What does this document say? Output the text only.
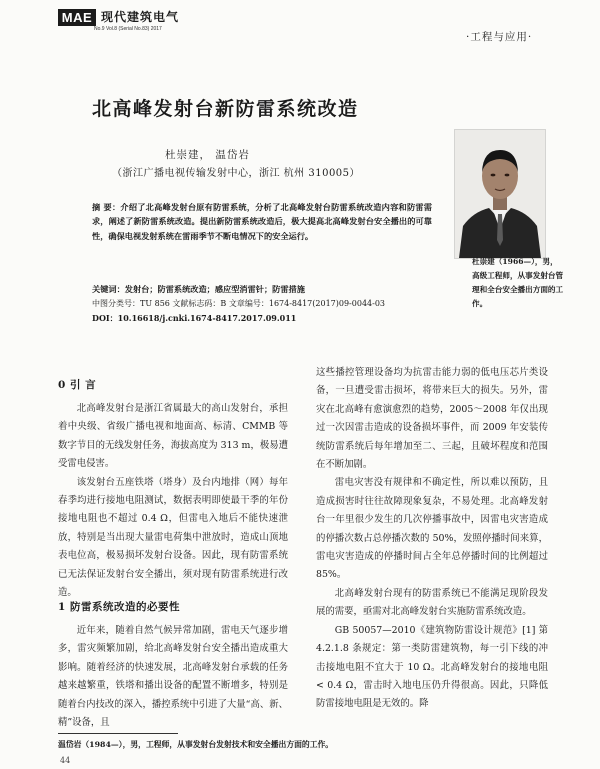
MAE 现代建筑电气
No.9 Vol.8 (Serial No.83) 2017
·工程与应用·
北高峰发射台新防雷系统改造
杜崇建， 温岱岩
（浙江广播电视传输发射中心，浙江 杭州 310005）
杜崇建（1966—），男，高级工程师，从事发射台管理和全台安全播出方面的工作。
摘 要：介绍了北高峰发射台原有防雷系统，分析了北高峰发射台防雷系统改造内容和防雷需求，阐述了新防雷系统改造。提出新防雷系统改造后，极大提高北高峰发射台安全播出的可靠性，确保电视发射系统在雷雨季节不断电情况下的安全运行。
关键词：发射台；防雷系统改造；感应型消雷针；防雷措施
中图分类号：TU 856 文献标志码：B 文章编号：1674-8417(2017)09-0044-03
DOI：10.16618/j.cnki.1674-8417.2017.09.011
0 引 言

北高峰发射台是浙江省属最大的高山发射台，承担着中央级、省级广播电视和地面高、标清、CMMB 等数字节目的无线发射任务，海拔高度为 313 m，极易遭受雷电侵害。

该发射台五座铁塔（塔身）及台内地排（网）每年春季均进行接地电阻测试，数据表明即使最干季的年份接地电阻也不超过 0.4 Ω，但雷电入地后不能快速泄放，特别是当出现大量雷电荷集中泄放时，造成山顶地表电位高，极易损坏发射台设备。因此，现有防雷系统已无法保证发射台安全播出，须对现有防雷系统进行改造。

1 防雷系统改造的必要性

近年来，随着自然气候异常加剧，雷电天气逐步增多，雷灾频繁加剧，给北高峰发射台安全播出造成重大影响。随着经济的快速发展，北高峰发射台承载的任务越来越繁重，铁塔和播出设备的配置不断增多，特别是随着台内技改的深入，播控系统中引进了大量“高、新、精”设备，且

这些播控管理设备均为抗雷击能力弱的低电压芯片类设备，一旦遭受雷击损坏，将带来巨大的损失。另外，雷灾在北高峰有愈演愈烈的趋势，2005～2008 年仅出现过一次因雷击造成的设备损坏事件，而 2009 年安装传统防雷系统后每年增加至二、三起，且破坏程度和范围在不断加剧。

雷电灾害没有规律和不确定性，所以难以预防，且造成损害时往往故障现象复杂，不易处理。北高峰发射台一年里很少发生的几次停播事故中，因雷电灾害造成的停播次数占总停播次数的 50%，发照停播时间来算，雷电灾害造成的停播时间占全年总停播时间的比例超过 85%。

北高峰发射台现有的防雷系统已不能满足现阶段发展的需要，亟需对北高峰发射台实施防雷系统改造。

GB 50057—2010《建筑物防雷设计规范》[1] 第 4.2.1.8 条规定：第一类防雷建筑物，每一引下线的冲击接地电阻不宜大于 10 Ω。北高峰发射台的接地电阻 < 0.4 Ω，雷击时入地电压仍升得很高。因此，只降低防雷接地电阻是无效的。降

温岱岩（1984—），男，工程师，从事发射台发射技术和安全播出方面的工作。
44
